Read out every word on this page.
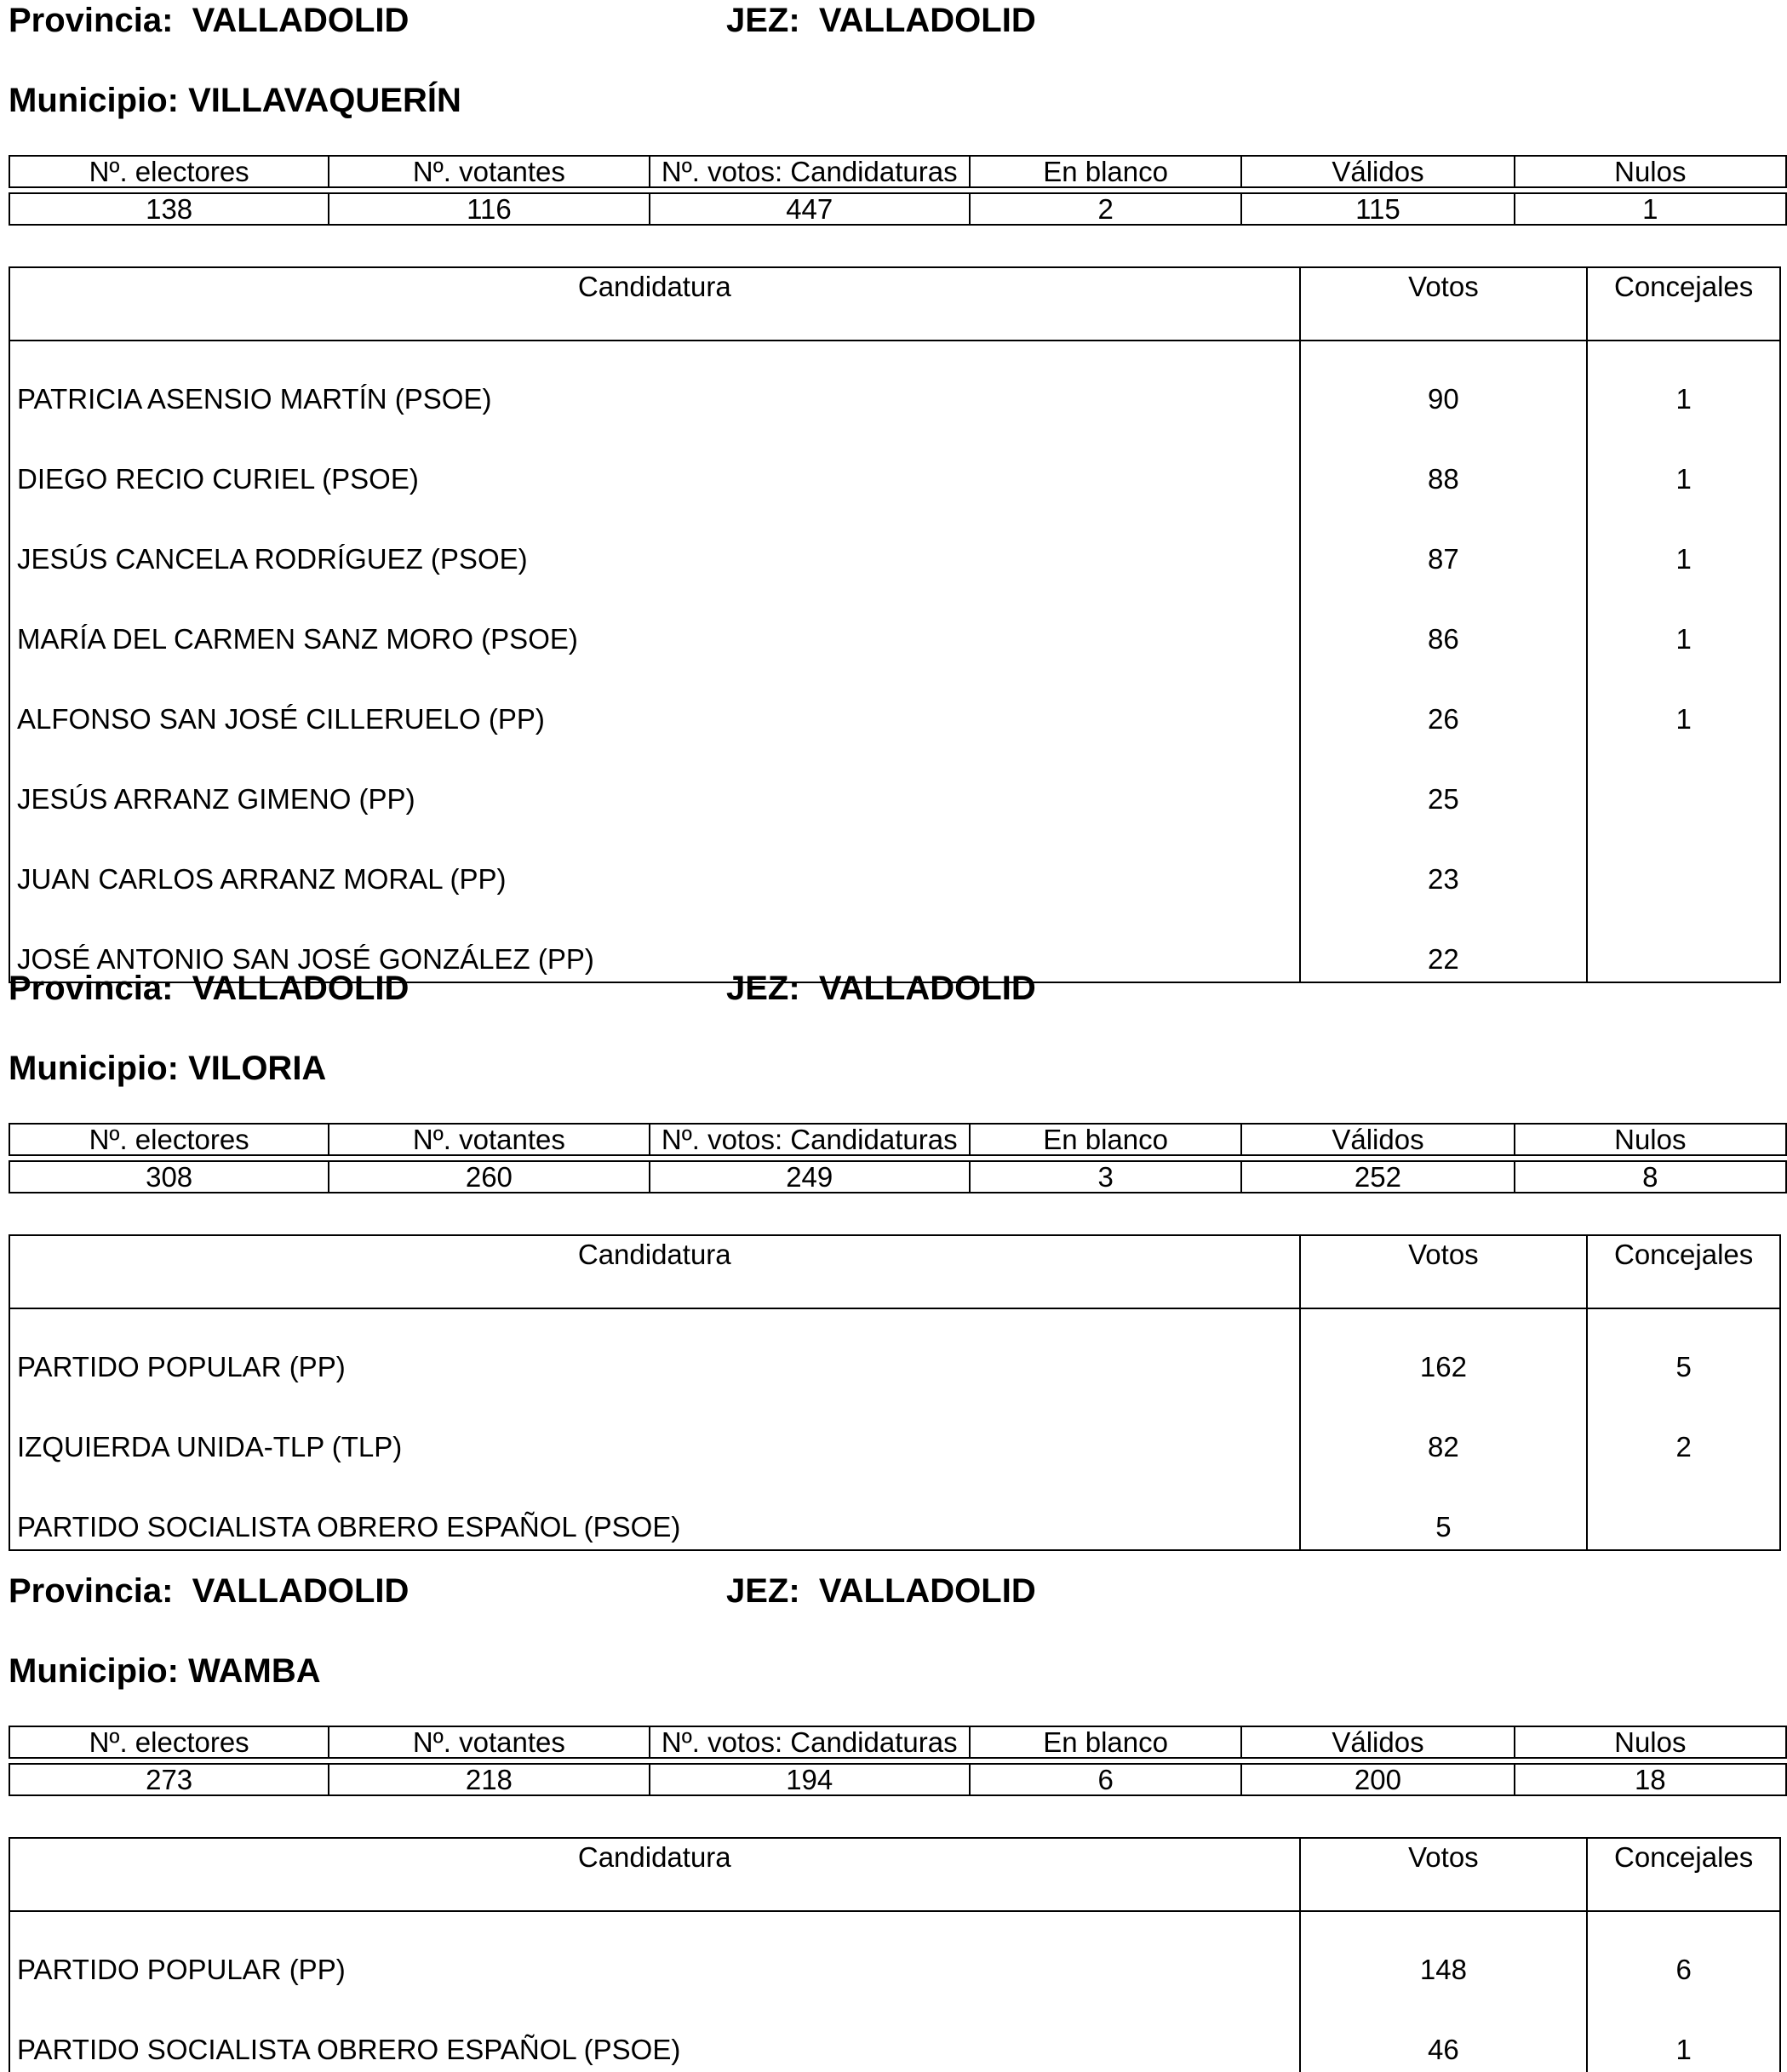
Provincia: VALLADOLID	JEZ: VALLADOLID
Municipio: VILLAVAQUERÍN
Nº. electores	Nº. votantes	Nº. votos: Candidaturas	En blanco	Válidos	Nulos

138	116	447	2	115	1
Candidatura	Votos	Concejales
PATRICIA ASENSIO MARTÍN (PSOE)	90	1
DIEGO RECIO CURIEL (PSOE)	88	1
JESÚS CANCELA RODRÍGUEZ (PSOE)	87	1
MARÍA DEL CARMEN SANZ MORO (PSOE)	86	1
ALFONSO SAN JOSÉ CILLERUELO (PP)	26	1
JESÚS ARRANZ GIMENO (PP)	25	
JUAN CARLOS ARRANZ MORAL (PP)	23	
JOSÉ ANTONIO SAN JOSÉ GONZÁLEZ (PP)	22	
Provincia: VALLADOLID	JEZ: VALLADOLID
Municipio: VILORIA
Nº. electores	Nº. votantes	Nº. votos: Candidaturas	En blanco	Válidos	Nulos

308	260	249	3	252	8
Candidatura	Votos	Concejales
PARTIDO POPULAR (PP)	162	5
IZQUIERDA UNIDA-TLP (TLP)	82	2
PARTIDO SOCIALISTA OBRERO ESPAÑOL (PSOE)	5	
Provincia: VALLADOLID	JEZ: VALLADOLID
Municipio: WAMBA
Nº. electores	Nº. votantes	Nº. votos: Candidaturas	En blanco	Válidos	Nulos

273	218	194	6	200	18
Candidatura	Votos	Concejales
PARTIDO POPULAR (PP)	148	6
PARTIDO SOCIALISTA OBRERO ESPAÑOL (PSOE)	46	1
